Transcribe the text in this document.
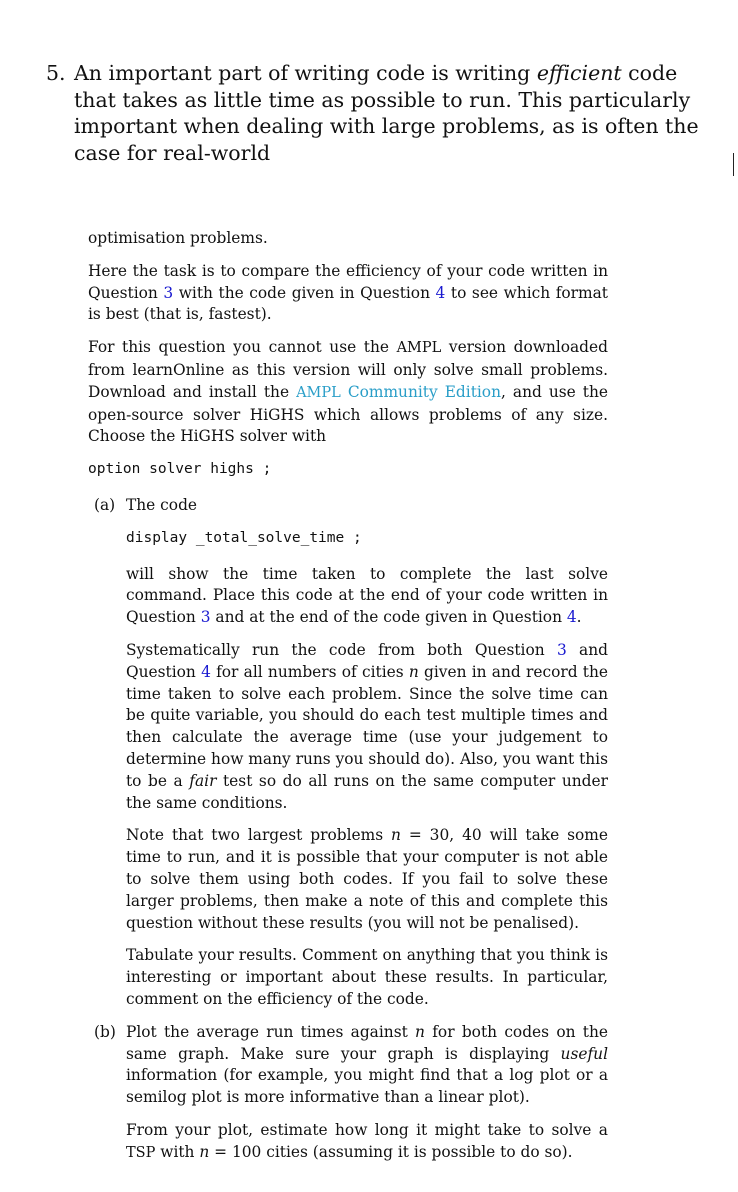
5. An important part of writing code is writing efficient code that takes as little time as possible to run. This particularly important when dealing with large problems, as is often the case for real-world

optimisation problems.

Here the task is to compare the efficiency of your code written in Question 3 with the code given in Question 4 to see which format is best (that is, fastest).

For this question you cannot use the AMPL version downloaded from learnOnline as this version will only solve small problems. Download and install the AMPL Community Edition, and use the open-source solver HiGHS which allows problems of any size. Choose the HiGHS solver with

option solver highs ;
(a) The code

display _total_solve_time ;

will show the time taken to complete the last solve command. Place this code at the end of your code written in Question 3 and at the end of the code given in Question 4.

Systematically run the code from both Question 3 and Question 4 for all numbers of cities n given in and record the time taken to solve each problem. Since the solve time can be quite variable, you should do each test multiple times and then calculate the average time (use your judgement to determine how many runs you should do). Also, you want this to be a fair test so do all runs on the same computer under the same conditions.

Note that two largest problems n = 30, 40 will take some time to run, and it is possible that your computer is not able to solve them using both codes. If you fail to solve these larger problems, then make a note of this and complete this question without these results (you will not be penalised).

Tabulate your results. Comment on anything that you think is interesting or important about these results. In particular, comment on the efficiency of the code.

(b) Plot the average run times against n for both codes on the same graph. Make sure your graph is displaying useful information (for example, you might find that a log plot or a semilog plot is more informative than a linear plot).

From your plot, estimate how long it might take to solve a TSP with n = 100 cities (assuming it is possible to do so).
